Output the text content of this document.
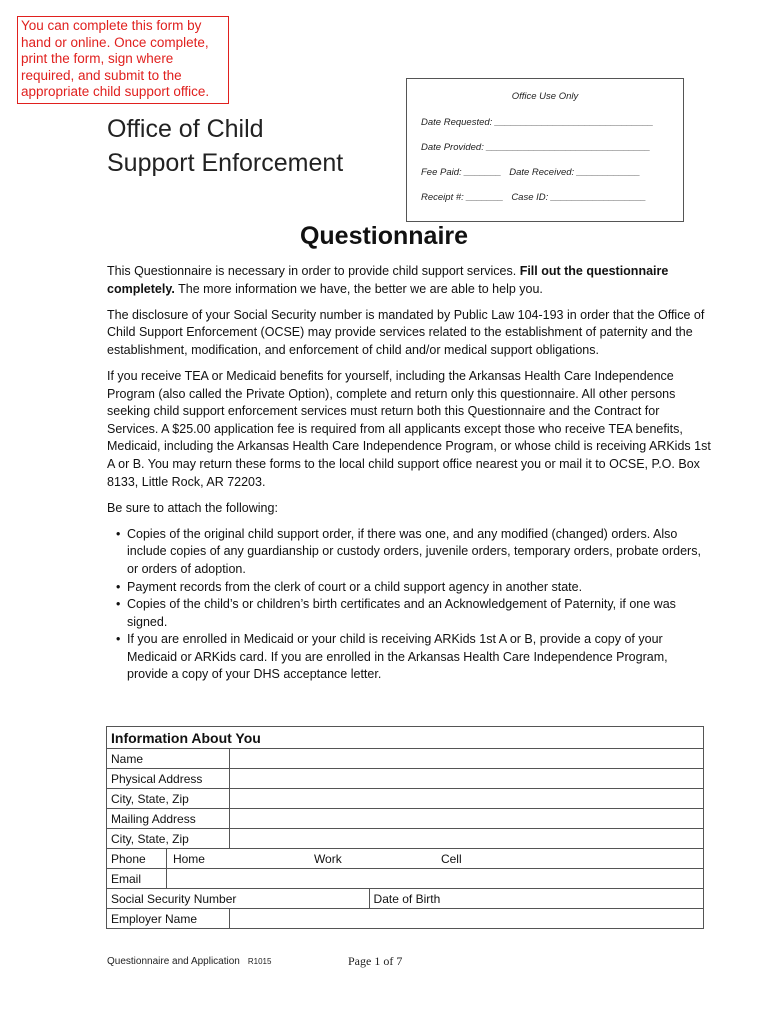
You can complete this form by
hand or online. Once complete,
print the form, sign where
required, and submit to the
appropriate child support office.	Office Use Only
Date Requested: ______________________________
Date Provided: _______________________________
Fee Paid: _______   Date Received: ____________
Receipt #: _______   Case ID: __________________
Office of Child
Support Enforcement
Questionnaire

This Questionnaire is necessary in order to provide child support services. Fill out the questionnaire completely. The more information we have, the better we are able to help you.

The disclosure of your Social Security number is mandated by Public Law 104-193 in order that the Office of Child Support Enforcement (OCSE) may provide services related to the establishment of paternity and the establishment, modification, and enforcement of child and/or medical support obligations.

If you receive TEA or Medicaid benefits for yourself, including the Arkansas Health Care Independence Program (also called the Private Option), complete and return only this questionnaire. All other persons seeking child support enforcement services must return both this Questionnaire and the Contract for Services. A $25.00 application fee is required from all applicants except those who receive TEA benefits, Medicaid, including the Arkansas Health Care Independence Program, or whose child is receiving ARKids 1st A or B. You may return these forms to the local child support office nearest you or mail it to OCSE, P.O. Box 8133, Little Rock, AR 72203.

Be sure to attach the following:

• Copies of the original child support order, if there was one, and any modified (changed) orders. Also include copies of any guardianship or custody orders, juvenile orders, temporary orders, probate orders, or orders of adoption.
• Payment records from the clerk of court or a child support agency in another state.
• Copies of the child’s or children’s birth certificates and an Acknowledgement of Paternity, if one was signed.
• If you are enrolled in Medicaid or your child is receiving ARKids 1st A or B, provide a copy of your Medicaid or ARKids card. If you are enrolled in the Arkansas Health Care Independence Program, provide a copy of your DHS acceptance letter.
Information About You			
Name			
Physical Address			
City, State, Zip			
Mailing Address			
City, State, Zip			
Phone	Home Work Cell		

Email			
Social Security Number			Date of Birth
Employer Name			
Questionnaire and Application R1015	Page 1 of 7
